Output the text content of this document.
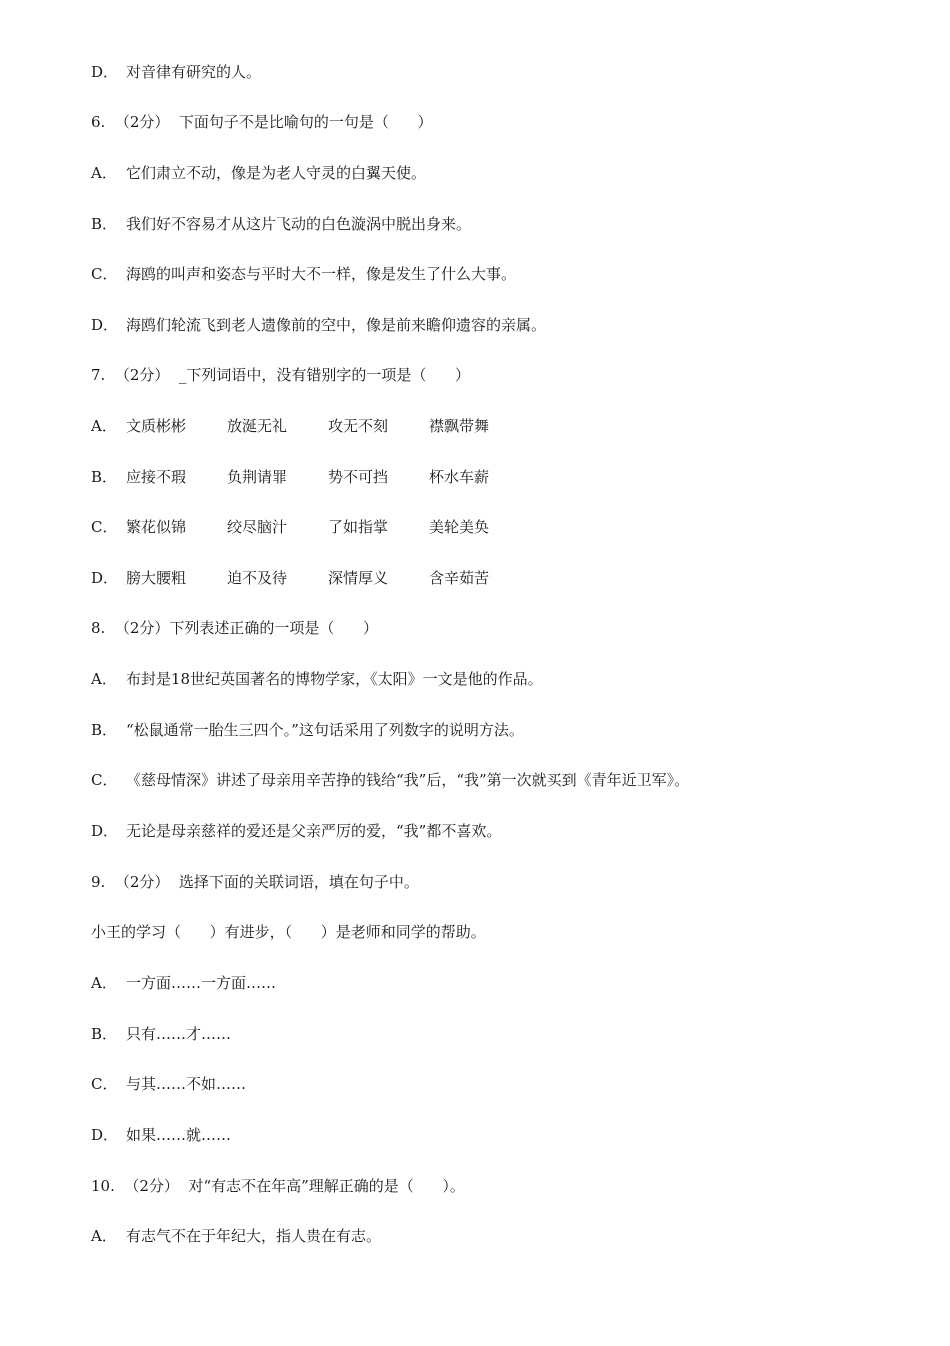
D． 对音律有研究的人。
6.  （2分）  下面句子不是比喻句的一句是（      ）
A． 它们肃立不动，像是为老人守灵的白翼天使。
B． 我们好不容易才从这片飞动的白色漩涡中脱出身来。
C． 海鸥的叫声和姿态与平时大不一样，像是发生了什么大事。
D． 海鸥们轮流飞到老人遗像前的空中，像是前来瞻仰遗容的亲属。
7.  （2分）  _下列词语中，没有错别字的一项是（      ）
A． 文质彬彬	放涎无礼	攻无不刻	襟飘带舞
B． 应接不瑕	负荆请罪	势不可挡	杯水车薪
C． 繁花似锦	绞尽脑汁	了如指掌	美轮美奂
D． 膀大腰粗	迫不及待	深情厚义	含辛茹苦
8.  （2分）下列表述正确的一项是（      ）
A． 布封是18世纪英国著名的博物学家，《太阳》一文是他的作品。
B． “松鼠通常一胎生三四个。”这句话采用了列数字的说明方法。
C． 《慈母情深》讲述了母亲用辛苦挣的钱给“我”后，“我”第一次就买到《青年近卫军》。
D． 无论是母亲慈祥的爱还是父亲严厉的爱，“我”都不喜欢。
9.  （2分）  选择下面的关联词语，填在句子中。
小王的学习（      ）有进步，（      ）是老师和同学的帮助。
A． 一方面……一方面……
B． 只有……才……
C． 与其……不如……
D． 如果……就……
10.  （2分）  对“有志不在年高”理解正确的是（      ）。
A． 有志气不在于年纪大，指人贵在有志。
